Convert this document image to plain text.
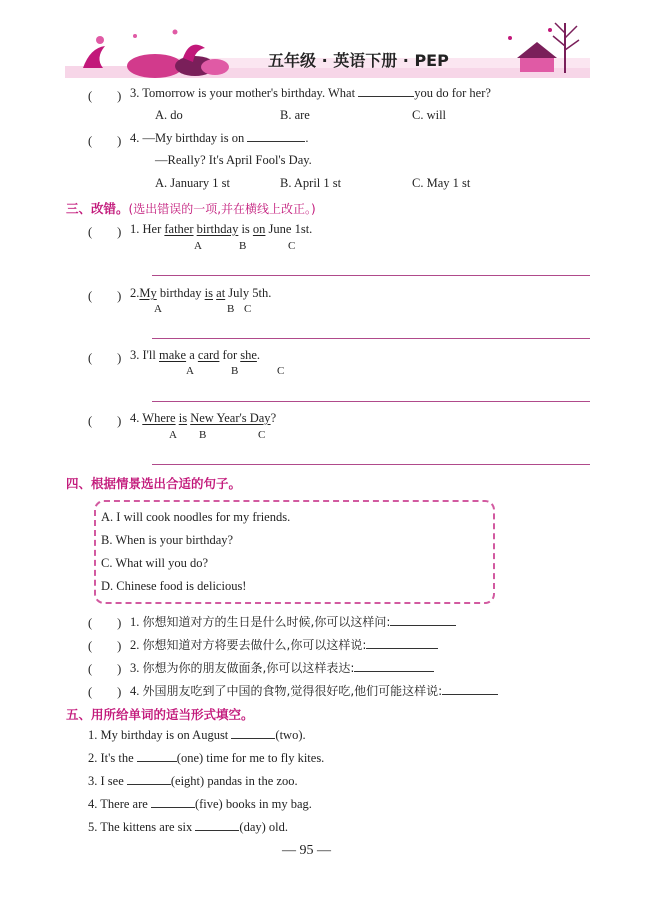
五年级 · 英语下册 · PEP
(　　) 3. Tomorrow is your mother's birthday. What	you do for her?
A. do	B. are	C. will
(　　) 4. —My birthday is on	.
—Really? It's April Fool's Day.
A. January 1 st	B. April 1 st	C. May 1 st
三、改错。(选出错误的一项,并在横线上改正。)
(　　) 1. Her father birthday is on June 1st.
A	B	C
(　　) 2.My birthday is at July 5th.
A	B C
(　　) 3. I'll make a card for she.
A	B	C
(　　) 4. Where is New Year's Day?
A B	C
四、根据情景选出合适的句子。
A. I will cook noodles for my friends.
B. When is your birthday?
C. What will you do?
D. Chinese food is delicious!
(　　) 1. 你想知道对方的生日是什么时候,你可以这样问:
(　　) 2. 你想知道对方将要去做什么,你可以这样说:
(　　) 3. 你想为你的朋友做面条,你可以这样表达:
(　　) 4. 外国朋友吃到了中国的食物,觉得很好吃,他们可能这样说:
五、用所给单词的适当形式填空。
1. My birthday is on August	(two).
2. It's the	(one) time for me to fly kites.
3. I see	(eight) pandas in the zoo.
4. There are	(five) books in my bag.
5. The kittens are six	(day) old.
— 95 —
